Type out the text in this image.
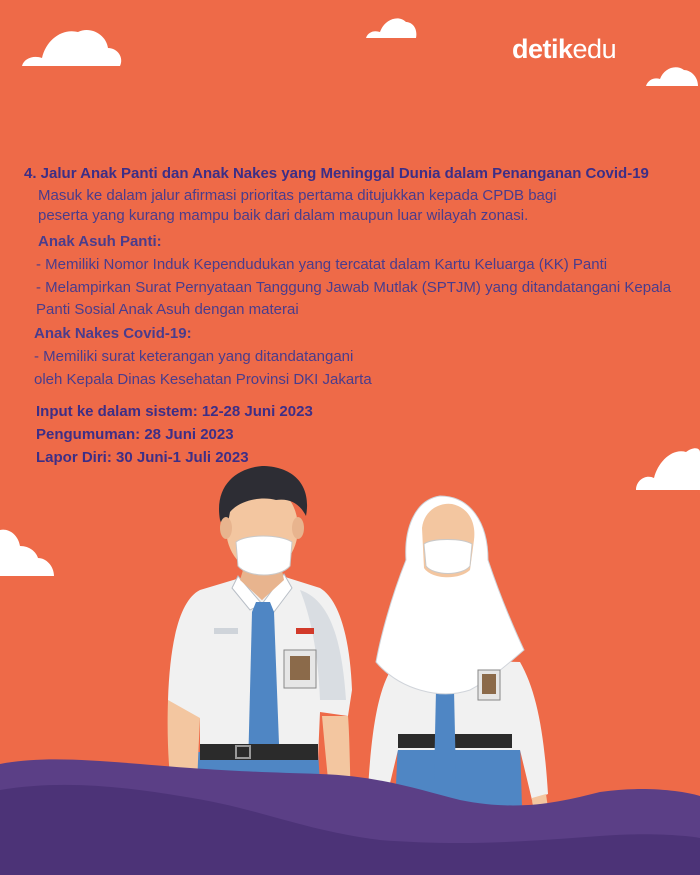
detikedu
4. Jalur Anak Panti dan Anak Nakes yang Meninggal Dunia dalam Penanganan Covid-19
Masuk ke dalam jalur afirmasi prioritas pertama ditujukkan kepada CPDB bagi
peserta yang kurang mampu baik dari dalam maupun luar wilayah zonasi.
Anak Asuh Panti:
- Memiliki Nomor Induk Kependudukan yang tercatat dalam Kartu Keluarga (KK) Panti
- Melampirkan Surat Pernyataan Tanggung Jawab Mutlak (SPTJM) yang ditandatangani Kepala
Panti Sosial Anak Asuh dengan materai
Anak Nakes Covid-19:
- Memiliki surat keterangan yang ditandatangani
oleh Kepala Dinas Kesehatan Provinsi DKI Jakarta
Input ke dalam sistem: 12-28 Juni 2023
Pengumuman: 28 Juni 2023
Lapor Diri: 30 Juni-1 Juli 2023
